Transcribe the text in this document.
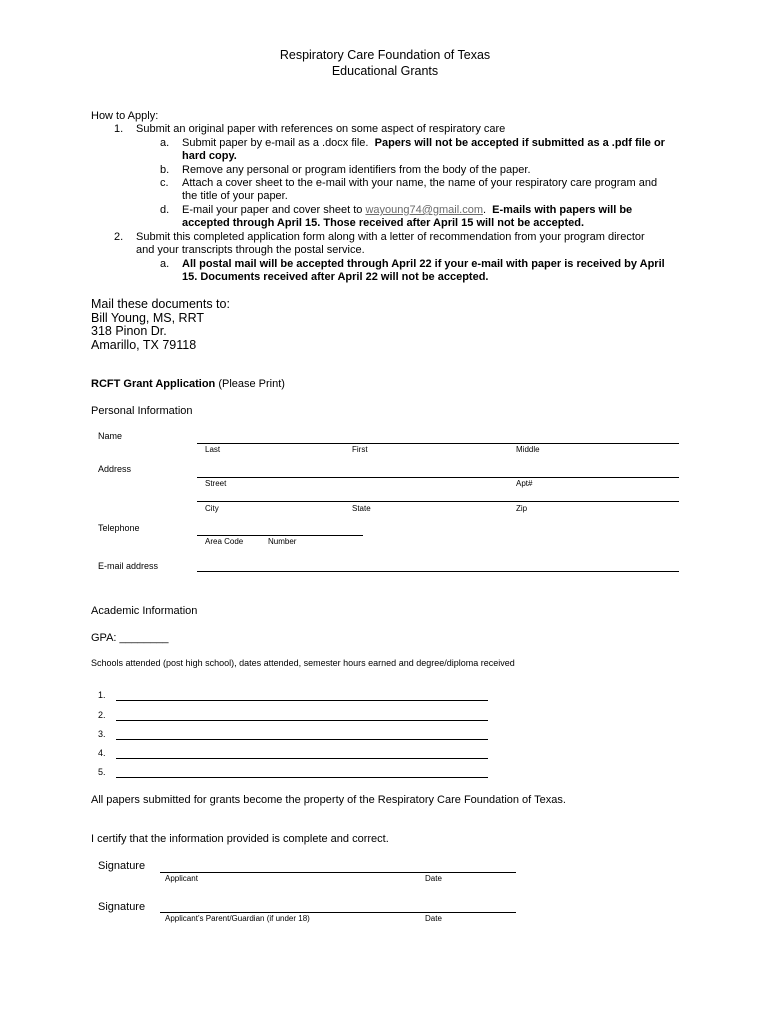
Respiratory Care Foundation of Texas
Educational Grants
How to Apply:
1. Submit an original paper with references on some aspect of respiratory care
a. Submit paper by e-mail as a .docx file. Papers will not be accepted if submitted as a .pdf file or
hard copy.
b. Remove any personal or program identifiers from the body of the paper.
c. Attach a cover sheet to the e-mail with your name, the name of your respiratory care program and
the title of your paper.
d. E-mail your paper and cover sheet to wayoung74@gmail.com.  E-mails with papers will be
accepted through April 15. Those received after April 15 will not be accepted.
2. Submit this completed application form along with a letter of recommendation from your program director
and your transcripts through the postal service.
a. All postal mail will be accepted through April 22 if your e-mail with paper is received by April
15. Documents received after April 22 will not be accepted.
Mail these documents to:
Bill Young, MS, RRT
318 Pinon Dr.
Amarillo, TX 79118
RCFT Grant Application (Please Print)
Personal Information
Name
Last	First	Middle
Address
Street	Apt#
City	State	Zip
Telephone
Area Code	Number
E-mail address
Academic Information
GPA: ________
Schools attended (post high school), dates attended, semester hours earned and degree/diploma received
1.
2.
3.
4.
5.
All papers submitted for grants become the property of the Respiratory Care Foundation of Texas.
I certify that the information provided is complete and correct.
Signature
Applicant	Date
Signature
Applicant’s Parent/Guardian (if under 18)	Date
